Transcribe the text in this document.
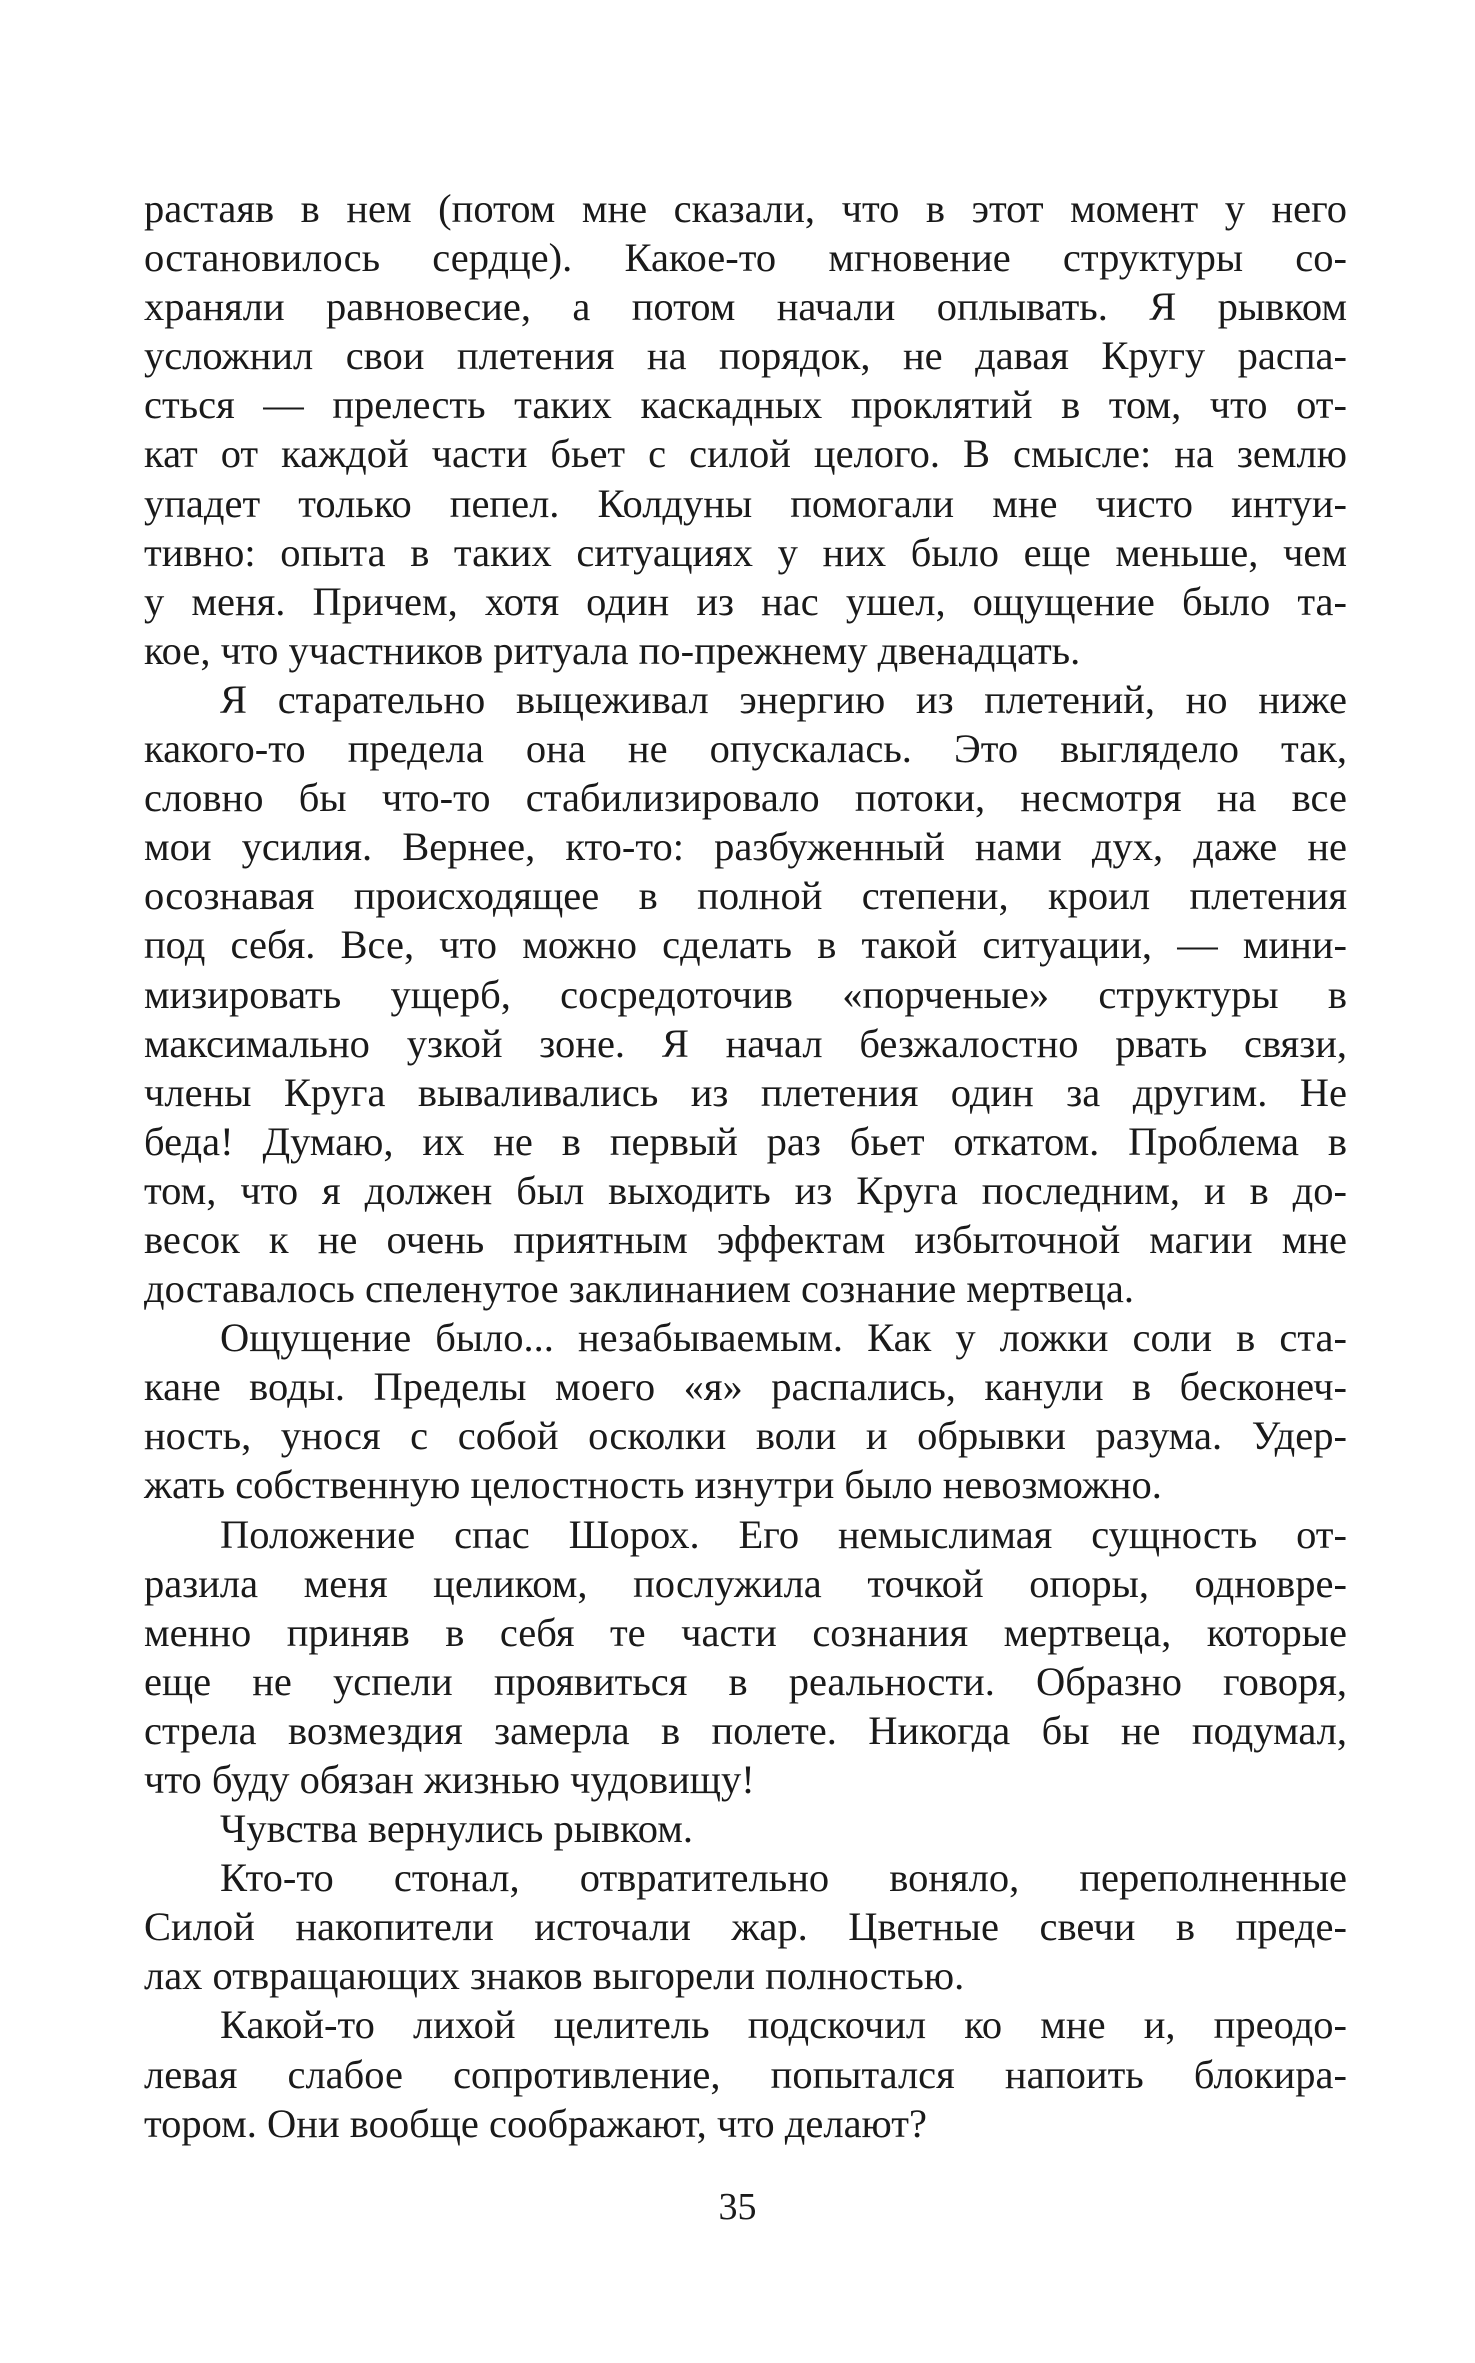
растаяв в нем (потом мне сказали, что в этот момент у него
остановилось сердце). Какое-то мгновение структуры со-
храняли равновесие, а потом начали оплывать. Я рывком
усложнил свои плетения на порядок, не давая Кругу распа-
сться — прелесть таких каскадных проклятий в том, что от-
кат от каждой части бьет с силой целого. В смысле: на землю
упадет только пепел. Колдуны помогали мне чисто интуи-
тивно: опыта в таких ситуациях у них было еще меньше, чем
у меня. Причем, хотя один из нас ушел, ощущение было та-
кое, что участников ритуала по-прежнему двенадцать.
Я старательно выцеживал энергию из плетений, но ниже
какого-то предела она не опускалась. Это выглядело так,
словно бы что-то стабилизировало потоки, несмотря на все
мои усилия. Вернее, кто-то: разбуженный нами дух, даже не
осознавая происходящее в полной степени, кроил плетения
под себя. Все, что можно сделать в такой ситуации, — мини-
мизировать ущерб, сосредоточив «порченые» структуры в
максимально узкой зоне. Я начал безжалостно рвать связи,
члены Круга вываливались из плетения один за другим. Не
беда! Думаю, их не в первый раз бьет откатом. Проблема в
том, что я должен был выходить из Круга последним, и в до-
весок к не очень приятным эффектам избыточной магии мне
доставалось спеленутое заклинанием сознание мертвеца.
Ощущение было... незабываемым. Как у ложки соли в ста-
кане воды. Пределы моего «я» распались, канули в бесконеч-
ность, унося с собой осколки воли и обрывки разума. Удер-
жать собственную целостность изнутри было невозможно.
Положение спас Шорох. Его немыслимая сущность от-
разила меня целиком, послужила точкой опоры, одновре-
менно приняв в себя те части сознания мертвеца, которые
еще не успели проявиться в реальности. Образно говоря,
стрела возмездия замерла в полете. Никогда бы не подумал,
что буду обязан жизнью чудовищу!
Чувства вернулись рывком.
Кто-то стонал, отвратительно воняло, переполненные
Силой накопители источали жар. Цветные свечи в преде-
лах отвращающих знаков выгорели полностью.
Какой-то лихой целитель подскочил ко мне и, преодо-
левая слабое сопротивление, попытался напоить блокира-
тором. Они вообще соображают, что делают?
35
